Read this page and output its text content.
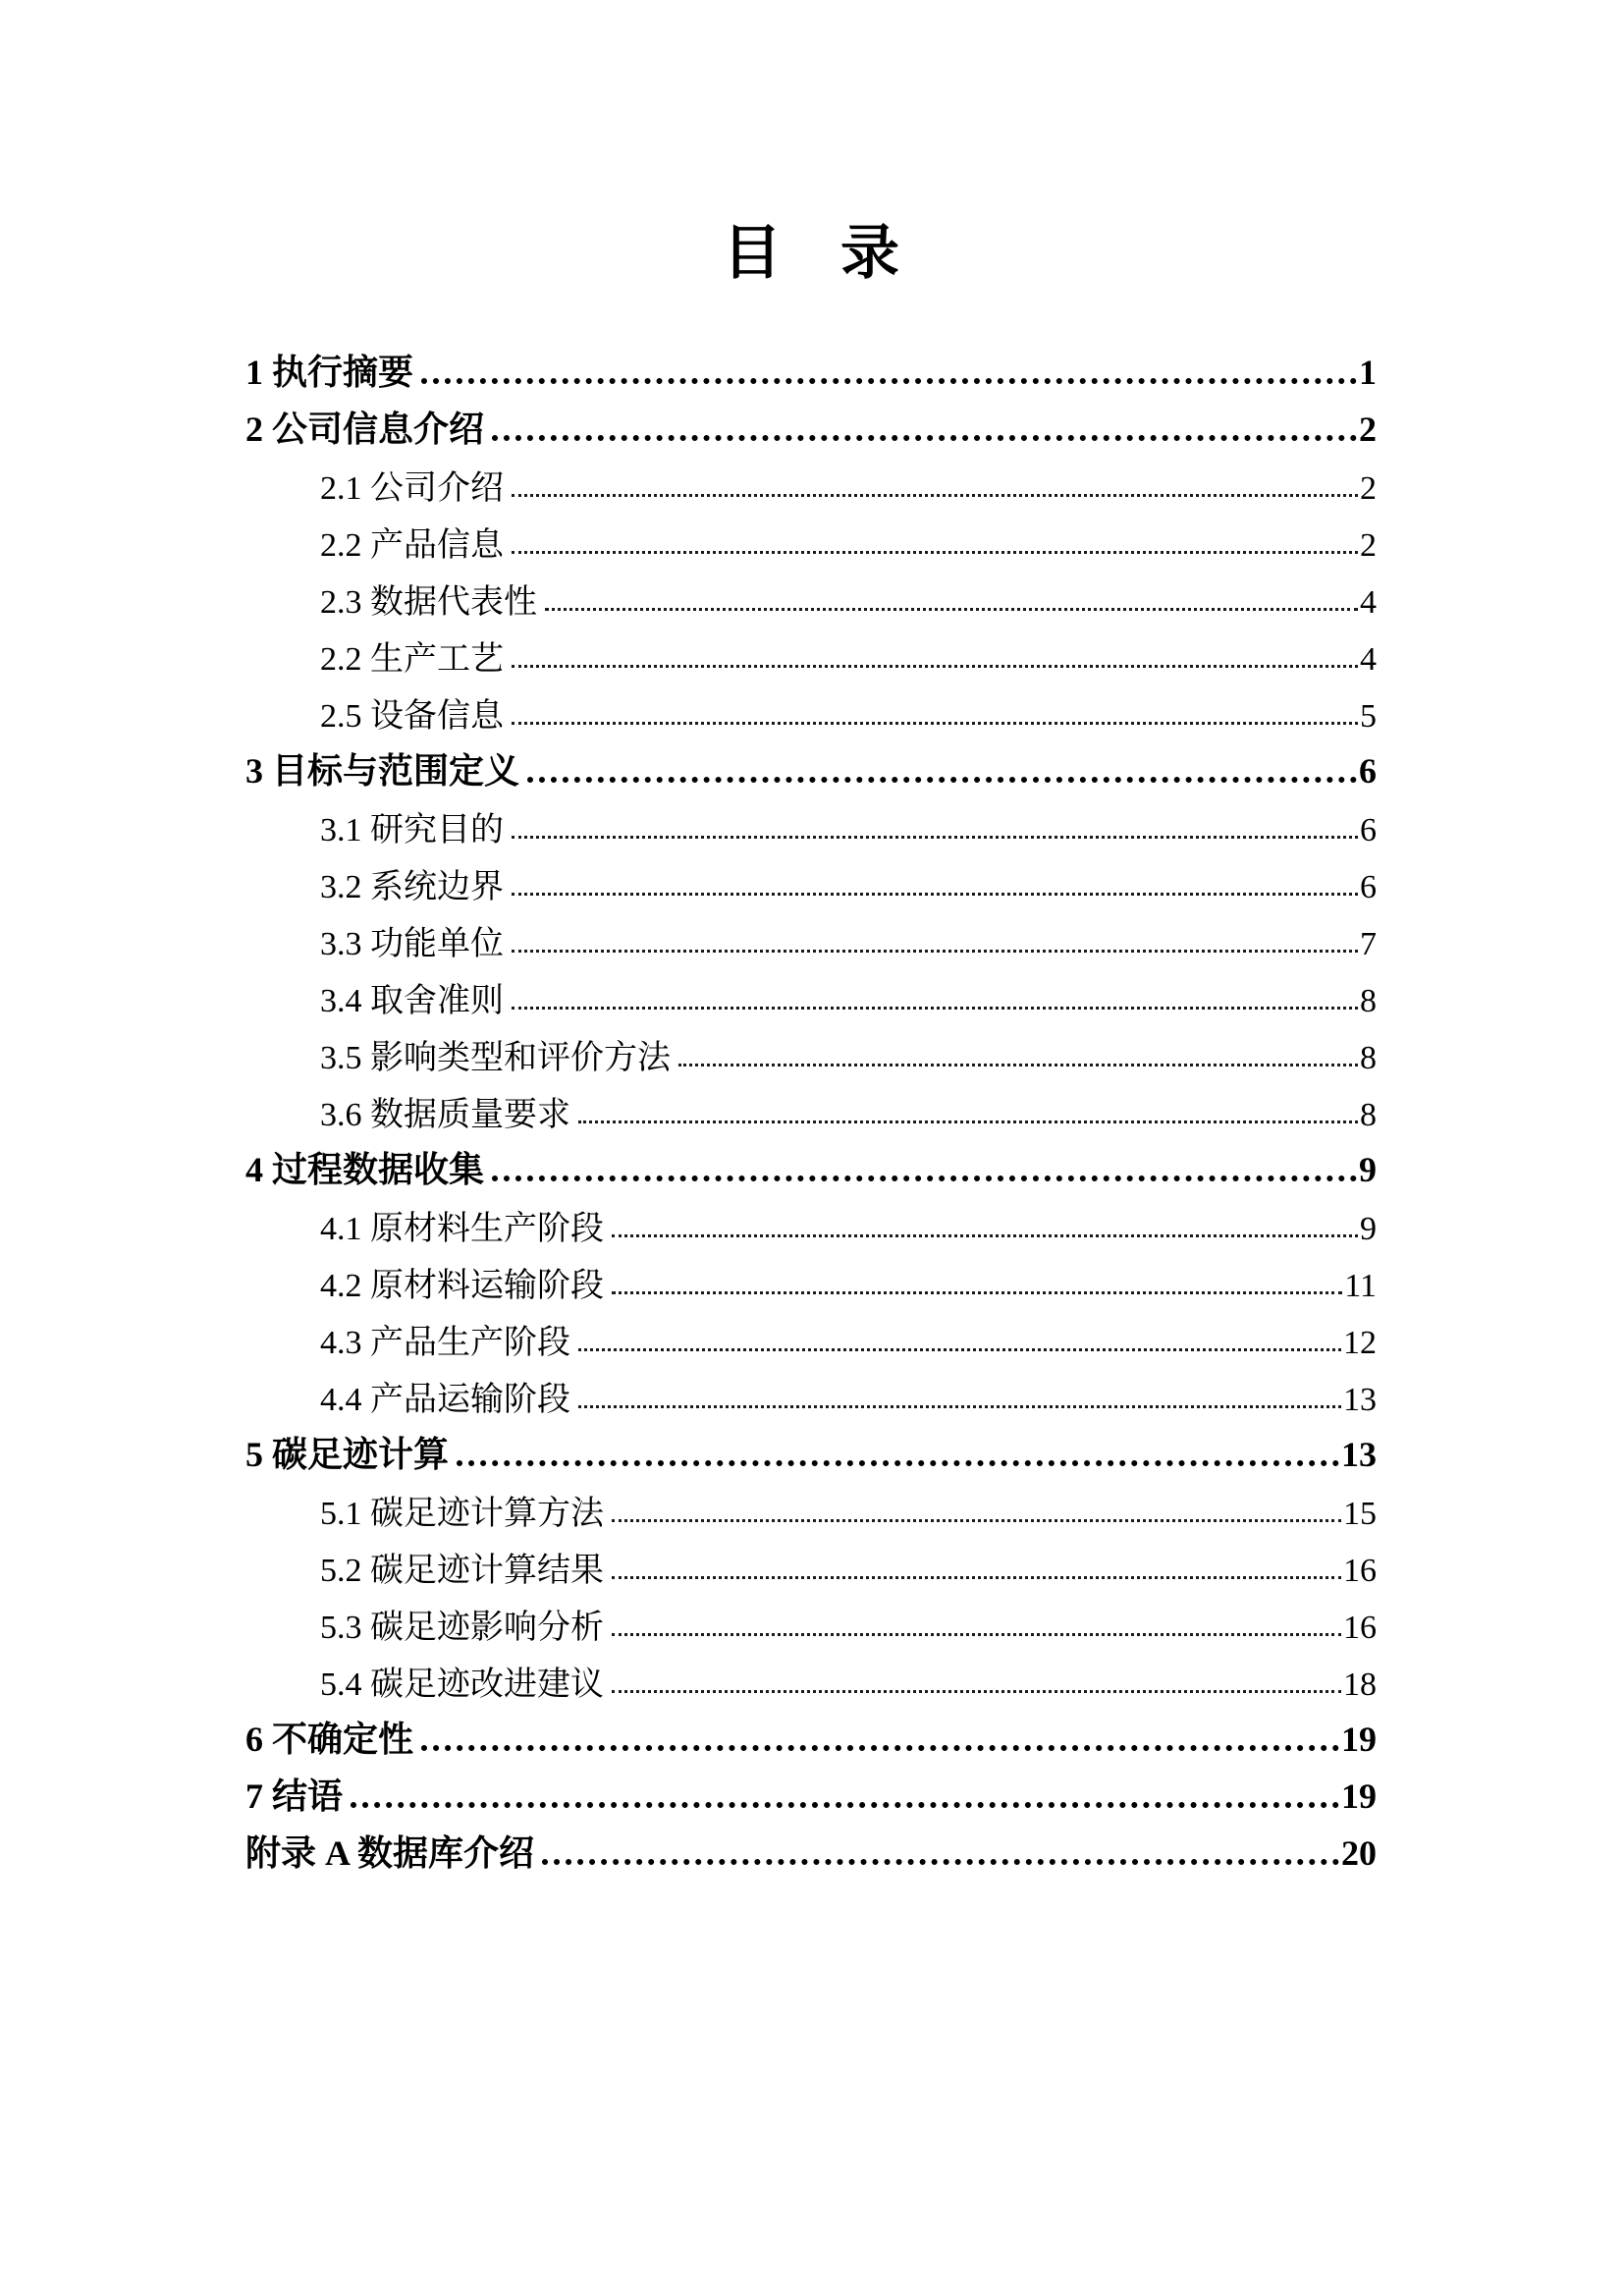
目　录
1 执行摘要	1
2 公司信息介绍	2
2.1 公司介绍	2
2.2 产品信息	2
2.3 数据代表性	4
2.2 生产工艺	4
2.5 设备信息	5
3 目标与范围定义	6
3.1 研究目的	6
3.2 系统边界	6
3.3 功能单位	7
3.4 取舍准则	8
3.5 影响类型和评价方法	8
3.6 数据质量要求	8
4 过程数据收集	9
4.1 原材料生产阶段	9
4.2 原材料运输阶段	11
4.3 产品生产阶段	12
4.4 产品运输阶段	13
5 碳足迹计算	13
5.1 碳足迹计算方法	15
5.2 碳足迹计算结果	16
5.3 碳足迹影响分析	16
5.4 碳足迹改进建议	18
6 不确定性	19
7 结语	19
附录 A 数据库介绍	20
